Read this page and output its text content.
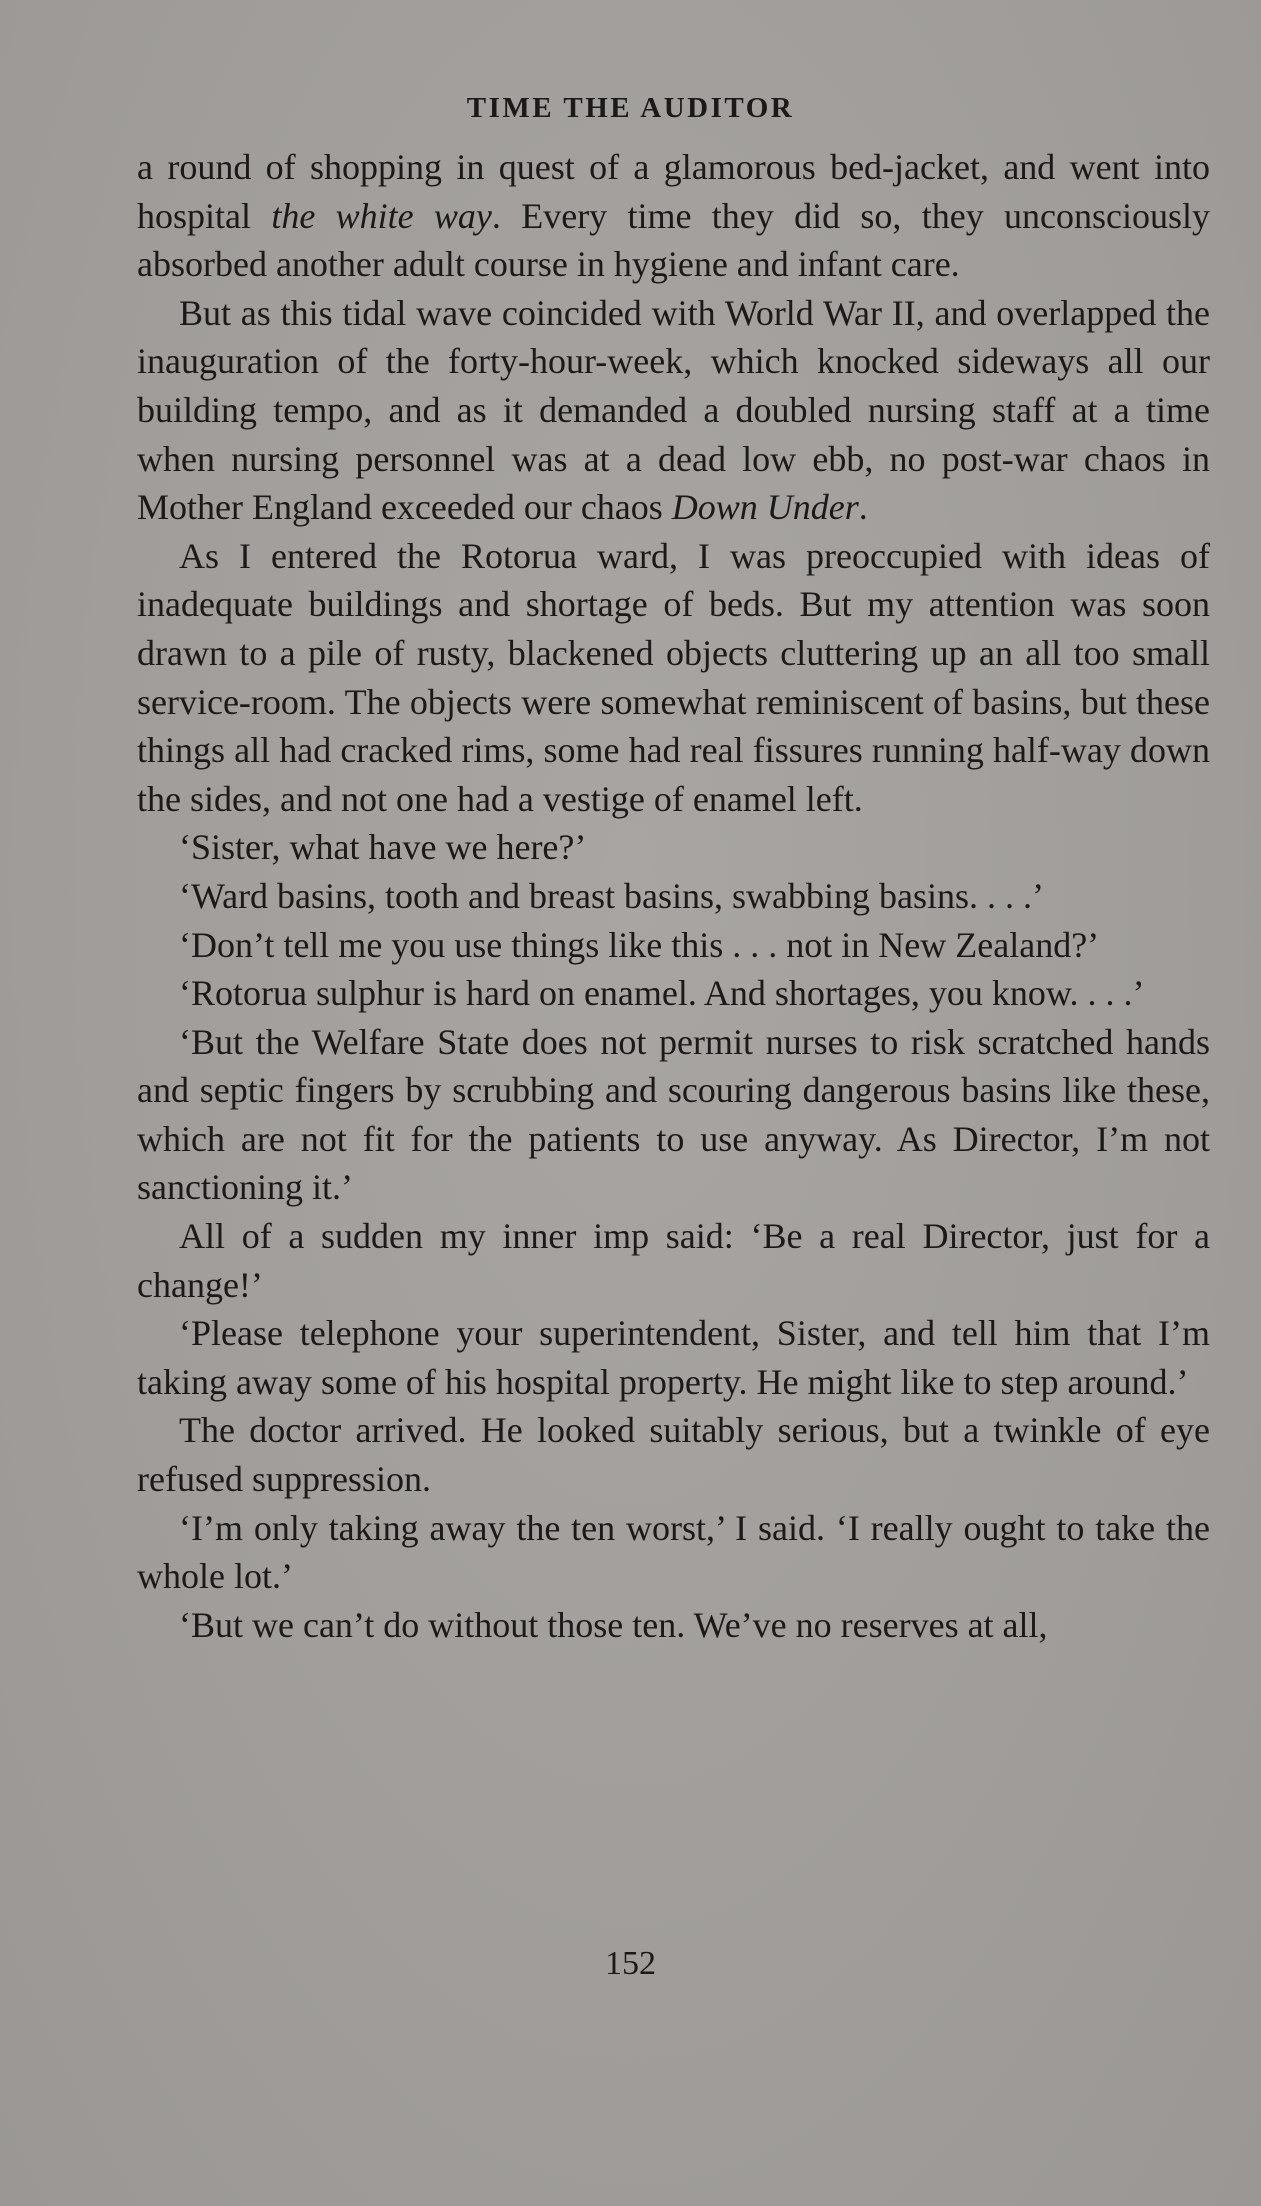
TIME THE AUDITOR

a round of shopping in quest of a glamorous bed-jacket, and went into hospital the white way. Every time they did so, they unconsciously absorbed another adult course in hygiene and infant care.

But as this tidal wave coincided with World War II, and overlapped the inauguration of the forty-hour-week, which knocked sideways all our building tempo, and as it demanded a doubled nursing staff at a time when nursing personnel was at a dead low ebb, no post-war chaos in Mother England exceeded our chaos Down Under.

As I entered the Rotorua ward, I was preoccupied with ideas of inadequate buildings and shortage of beds. But my attention was soon drawn to a pile of rusty, blackened objects cluttering up an all too small service-room. The objects were somewhat reminiscent of basins, but these things all had cracked rims, some had real fissures running half-way down the sides, and not one had a vestige of enamel left.

‘Sister, what have we here?’

‘Ward basins, tooth and breast basins, swabbing basins. . . .’

‘Don’t tell me you use things like this . . . not in New Zealand?’

‘Rotorua sulphur is hard on enamel. And shortages, you know. . . .’

‘But the Welfare State does not permit nurses to risk scratched hands and septic fingers by scrubbing and scouring dangerous basins like these, which are not fit for the patients to use anyway. As Director, I’m not sanctioning it.’

All of a sudden my inner imp said: ‘Be a real Director, just for a change!’

‘Please telephone your superintendent, Sister, and tell him that I’m taking away some of his hospital property. He might like to step around.’

The doctor arrived. He looked suitably serious, but a twinkle of eye refused suppression.

‘I’m only taking away the ten worst,’ I said. ‘I really ought to take the whole lot.’

‘But we can’t do without those ten. We’ve no reserves at all,

152
